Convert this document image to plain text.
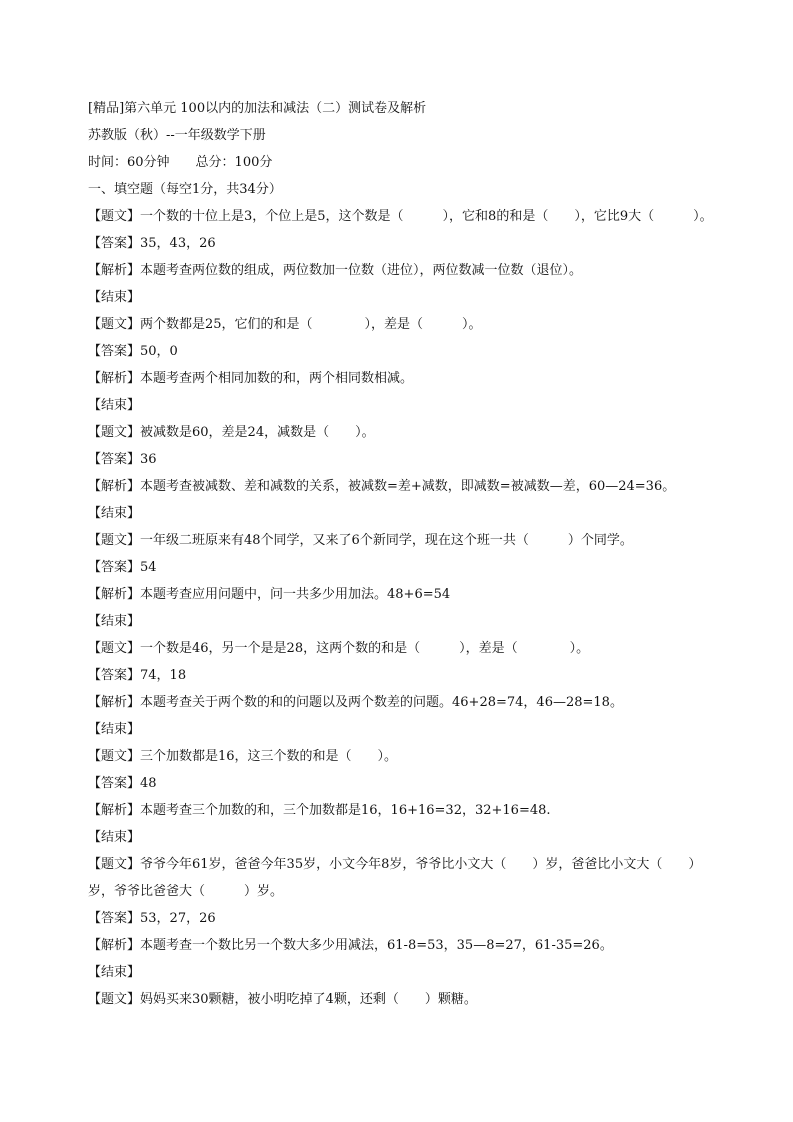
[精品]第六单元 100以内的加法和减法（二）测试卷及解析
苏教版（秋）--一年级数学下册
时间：60分钟　　总分：100分
一、填空题（每空1分，共34分）
【题文】一个数的十位上是3，个位上是5，这个数是（　　　），它和8的和是（　　），它比9大（　　　）。
【答案】35，43，26
【解析】本题考查两位数的组成，两位数加一位数（进位），两位数减一位数（退位）。
【结束】
【题文】两个数都是25，它们的和是（　　　　），差是（　　　）。
【答案】50，0
【解析】本题考查两个相同加数的和，两个相同数相减。
【结束】
【题文】被减数是60，差是24，减数是（　　）。
【答案】36
【解析】本题考查被减数、差和减数的关系，被减数=差+减数，即减数=被减数—差，60—24=36。
【结束】
【题文】一年级二班原来有48个同学，又来了6个新同学，现在这个班一共（　　　）个同学。
【答案】54
【解析】本题考查应用问题中，问一共多少用加法。48+6=54
【结束】
【题文】一个数是46，另一个是是28，这两个数的和是（　　　），差是（　　　　）。
【答案】74，18
【解析】本题考查关于两个数的和的问题以及两个数差的问题。46+28=74，46—28=18。
【结束】
【题文】三个加数都是16，这三个数的和是（　　）。
【答案】48
【解析】本题考查三个加数的和，三个加数都是16，16+16=32，32+16=48.
【结束】
【题文】爷爷今年61岁，爸爸今年35岁，小文今年8岁，爷爷比小文大（　　）岁，爸爸比小文大（　　）
岁，爷爷比爸爸大（　　　）岁。
【答案】53，27，26
【解析】本题考查一个数比另一个数大多少用减法，61-8=53，35—8=27，61-35=26。
【结束】
【题文】妈妈买来30颗糖，被小明吃掉了4颗，还剩（　　）颗糖。
